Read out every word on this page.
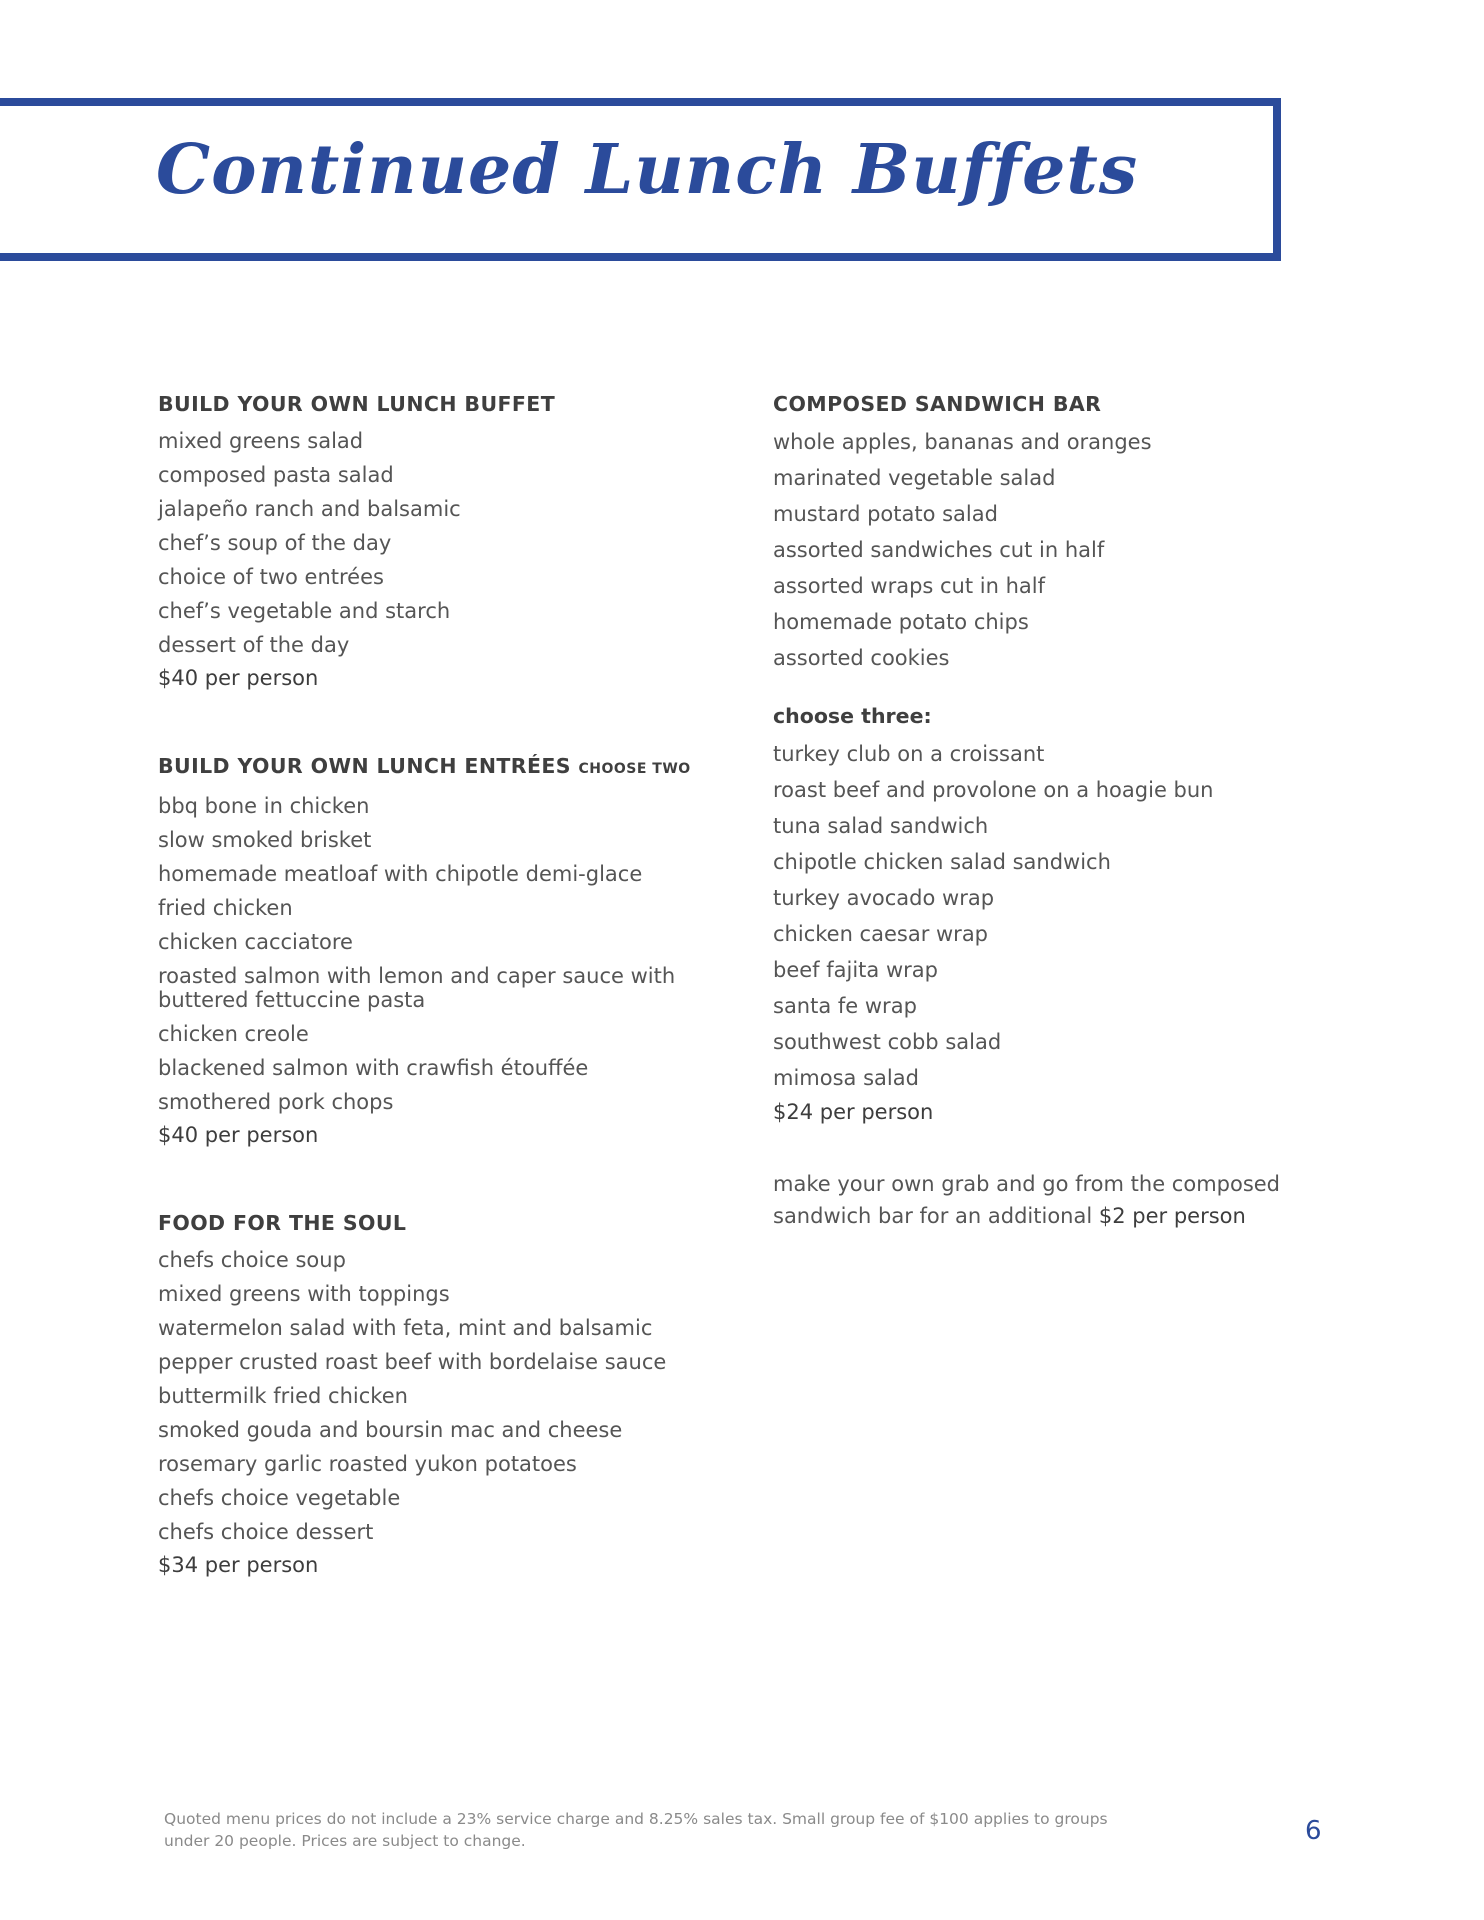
Continued Lunch Buffets
BUILD YOUR OWN LUNCH BUFFET
mixed greens salad
composed pasta salad
jalapeño ranch and balsamic
chef’s soup of the day
choice of two entrées
chef’s vegetable and starch
dessert of the day
$40 per person
BUILD YOUR OWN LUNCH ENTRÉES CHOOSE TWO
bbq bone in chicken
slow smoked brisket
homemade meatloaf with chipotle demi-glace
fried chicken
chicken cacciatore
roasted salmon with lemon and caper sauce with buttered fettuccine pasta
chicken creole
blackened salmon with crawfish étouffée
smothered pork chops
$40 per person
FOOD FOR THE SOUL
chefs choice soup
mixed greens with toppings
watermelon salad with feta, mint and balsamic
pepper crusted roast beef with bordelaise sauce
buttermilk fried chicken
smoked gouda and boursin mac and cheese
rosemary garlic roasted yukon potatoes
chefs choice vegetable
chefs choice dessert
$34 per person
COMPOSED SANDWICH BAR
whole apples, bananas and oranges
marinated vegetable salad
mustard potato salad
assorted sandwiches cut in half
assorted wraps cut in half
homemade potato chips
assorted cookies
choose three:
turkey club on a croissant
roast beef and provolone on a hoagie bun
tuna salad sandwich
chipotle chicken salad sandwich
turkey avocado wrap
chicken caesar wrap
beef fajita wrap
santa fe wrap
southwest cobb salad
mimosa salad
$24 per person
make your own grab and go from the composed sandwich bar for an additional $2 per person
Quoted menu prices do not include a 23% service charge and 8.25% sales tax. Small group fee of $100 applies to groups under 20 people. Prices are subject to change.	6
